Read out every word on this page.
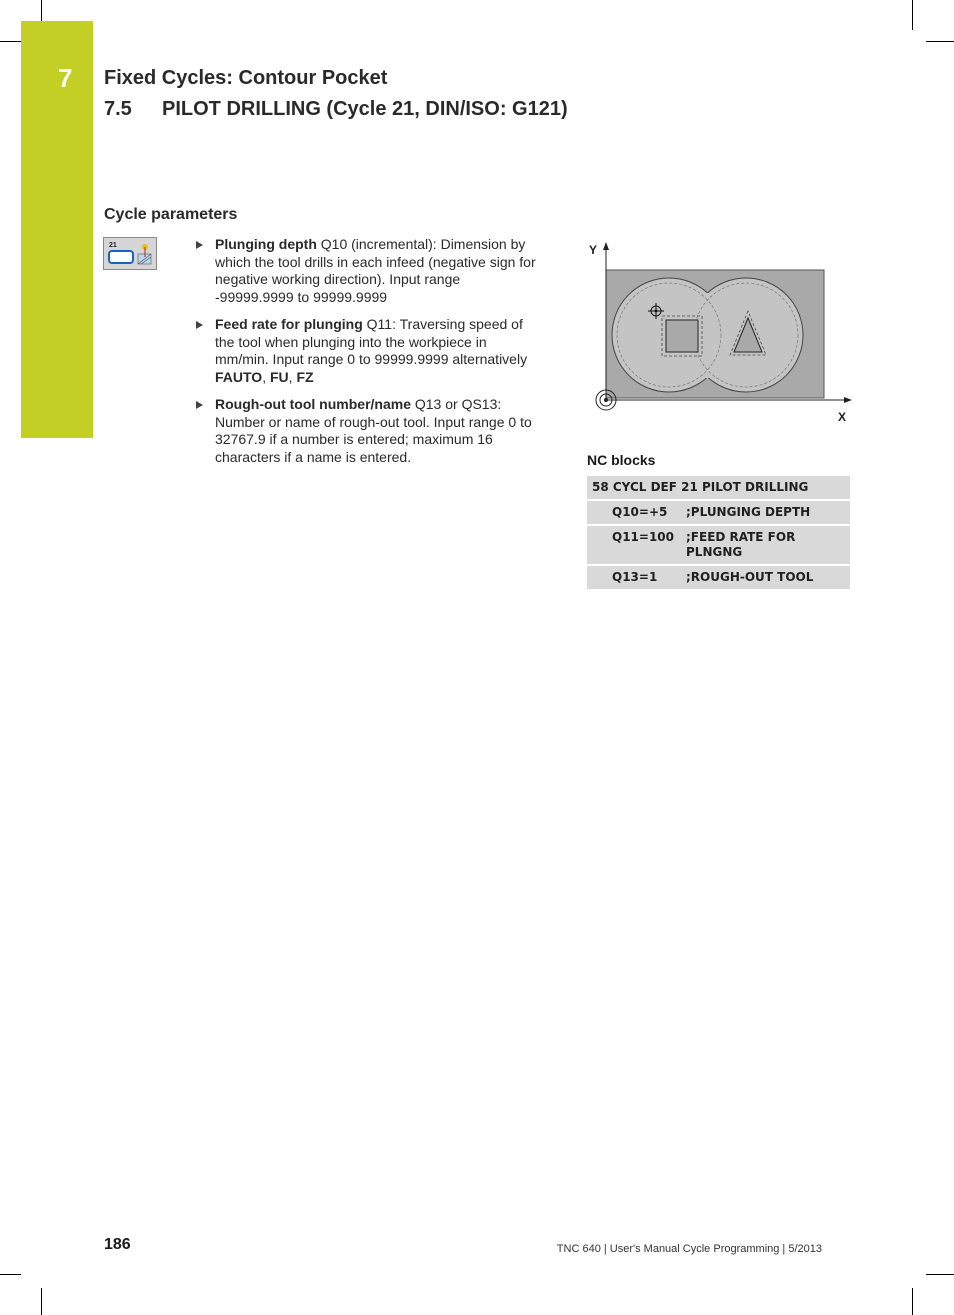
7 Fixed Cycles: Contour Pocket
7.5 PILOT DRILLING (Cycle 21, DIN/ISO: G121)
Cycle parameters
21	Plunging depth Q10 (incremental): Dimension by which the tool drills in each infeed (negative sign for negative working direction). Input range -99999.9999 to 99999.9999
Feed rate for plunging Q11: Traversing speed of the tool when plunging into the workpiece in mm/min. Input range 0 to 99999.9999 alternatively FAUTO, FU, FZ
Rough-out tool number/name Q13 or QS13: Number or name of rough-out tool. Input range 0 to 32767.9 if a number is entered; maximum 16 characters if a name is entered.
Y
X
NC blocks
58 CYCL DEF 21 PILOT DRILLING
Q10=+5	;PLUNGING DEPTH
Q11=100 ;FEED RATE FOR PLNGNG
Q13=1	;ROUGH-OUT TOOL
186	TNC 640 | User's Manual Cycle Programming | 5/2013
